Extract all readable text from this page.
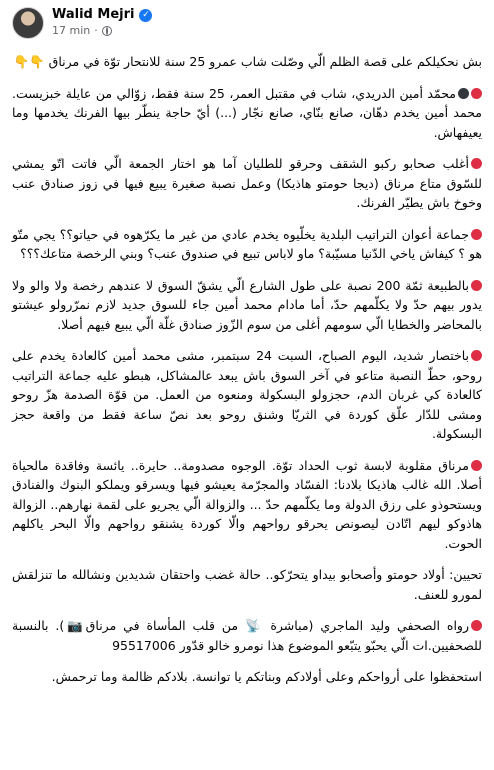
Walid Mejri ✓
17 min ·

بش نحكيلكم على قصة الظلم الّي وصّلت شاب عمرو 25 سنة للانتحار توّة في مرناق 👇👇

محمّد أمين الدريدي، شاب في مقتبل العمر، 25 سنة فقط، زوّالي من عايلة خبزيست. محمد أمين يخدم دهّان، صانع بنّاي، صانع نجّار (...) أيّ حاجة ينطّر بيها الفرنك يخدمها وما يعيفهاش.

أغلب صحابو ركبو الشقف وحرقو للطليان آما هو اختار الجمعة الّي فاتت اتّو يمشي للسّوق متاع مرناق (ديجا حومتو هاذيكا) وعمل نصبة صغيرة يبيع فيها في زوز صنادق عنب وخوخ باش يطيّر الفرنك.

جماعة أعوان التراتيب البلدية يخلّيوه يخدم عادي من غير ما يكرّهوه في حياتو؟؟ يجي متّو هو ؟ كيفاش ياخي الدّنيا مسيّبة؟ ماو لاباس تبيع في صندوق عنب؟ وبني الرخصة متاعك؟؟؟

بالطبيعة ثمّة 200 نصبة على طول الشارع الّي يشقّ السوق لا عندهم رخصة ولا والو ولا يدور بيهم حدّ ولا يكلّمهم حدّ، أما مادام محمد أمين جاء للسوق جديد لازم نمرّرولو عيشتو بالمحاضر والخطايا الّي سومهم أغلى من سوم الزّوز صنادق غلّة الّي يبيع فيهم أصلا.

باختصار شديد، اليوم الصباح، السبت 24 سبتمبر، مشى محمد أمين كالعادة يخدم على روحو، حطّ النصبة متاعو في آخر السوق باش يبعد عالمشاكل، هبطو عليه جماعة التراتيب كالعادة كي غربان الدم، حجزولو البسكولة ومنعوه من العمل. من قوّة الصدمة هزّ روحو ومشى للدّار علّق كوردة في الثريّا وشنق روحو بعد نصّ ساعة فقط من واقعة حجز البسكولة.

مرناق مقلوبة لابسة ثوب الحداد توّة. الوجوه مصدومة.. حايرة.. يائسة وفاقدة مالحياة أصلا. الله غالب هاذيكا بلادنا: الفسّاد والمجرّمة يعيشو فيها ويسرقو ويملكو البنوك والفنادق ويستحوذو على رزق الدولة وما يكلّمهم حدّ ... والزوالة الّي يجريو على لقمة نهارهم.. الزوالة هاذوكو ليهم اتّادن ليصونص يحرقو رواحهم والّا كوردة يشنقو رواحهم والّا البحر ياكلهم الحوت.

تحيين: أولاد حومتو وأصحابو بيداو يتحرّكو.. حالة غضب واحتقان شديدين ونشالله ما تنزلقش لمورو للعنف.

رواه الصحفي وليد الماجري (مباشرة 📡 من قلب المأساة في مرناق📷). بالنسبة للصحفيين.ات الّي يحبّو يتبّعو الموضوع هذا نومرو خالو قدّور 95517006

استحفظوا على أرواحكم وعلى أولادكم وبناتكم يا توانسة. بلادكم ظالمة وما ترحمش.
